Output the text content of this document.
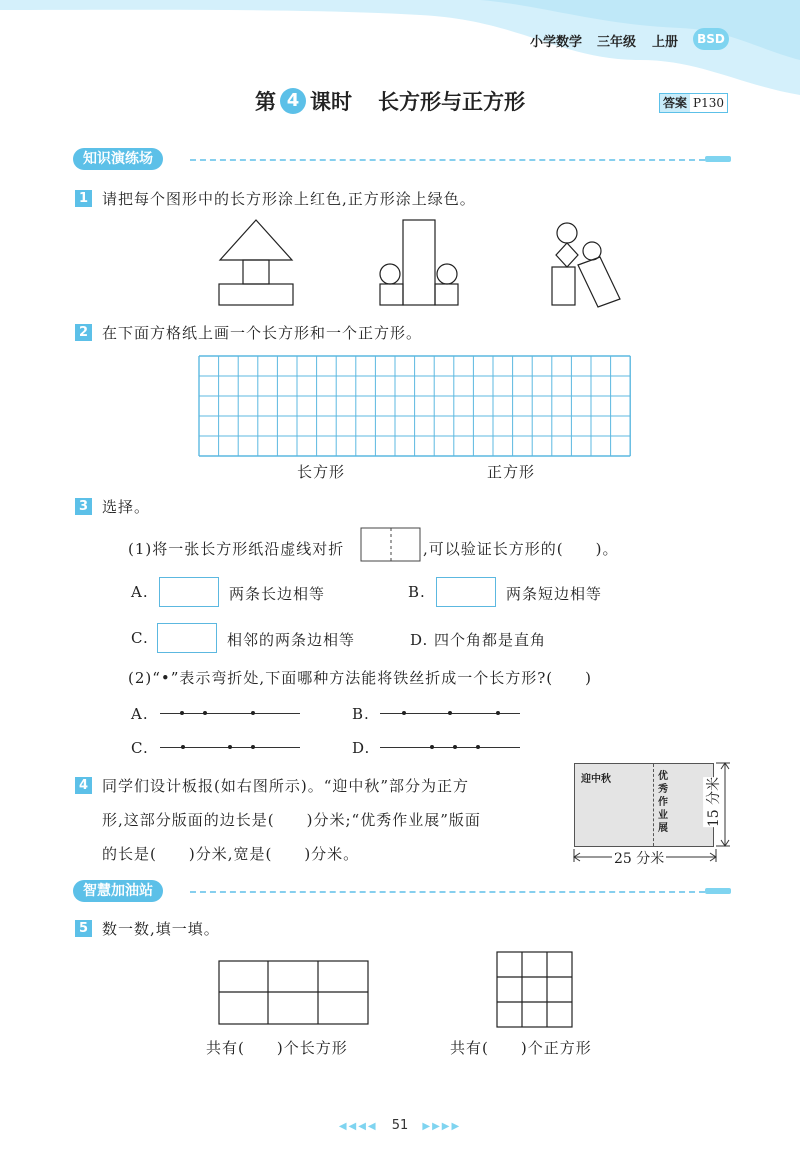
小学数学 三年级 上册	BSD
第 4 课时 长方形与正方形	答案 P130
知识演练场
1 请把每个图形中的长方形涂上红色,正方形涂上绿色。
2 在下面方格纸上画一个长方形和一个正方形。
长方形	正方形
3 选择。
(1)将一张长方形纸沿虚线对折	,可以验证长方形的(　　)。
A.	两条长边相等	B.	两条短边相等
C.	相邻的两条边相等	D. 四个角都是直角
(2)“•”表示弯折处,下面哪种方法能将铁丝折成一个长方形?(　　)
A.	B.
C.	D.
4 同学们设计板报(如右图所示)。“迎中秋”部分为正方
形,这部分版面的边长是(　　)分米;“优秀作业展”版面
的长是(　　)分米,宽是(　　)分米。
迎中秋	优
秀
作
业
展
25 分米
15 分米
智慧加油站
5 数一数,填一填。
共有(　　)个长方形	共有(　　)个正方形
◀◀◀◀ 51 ▶▶▶▶
